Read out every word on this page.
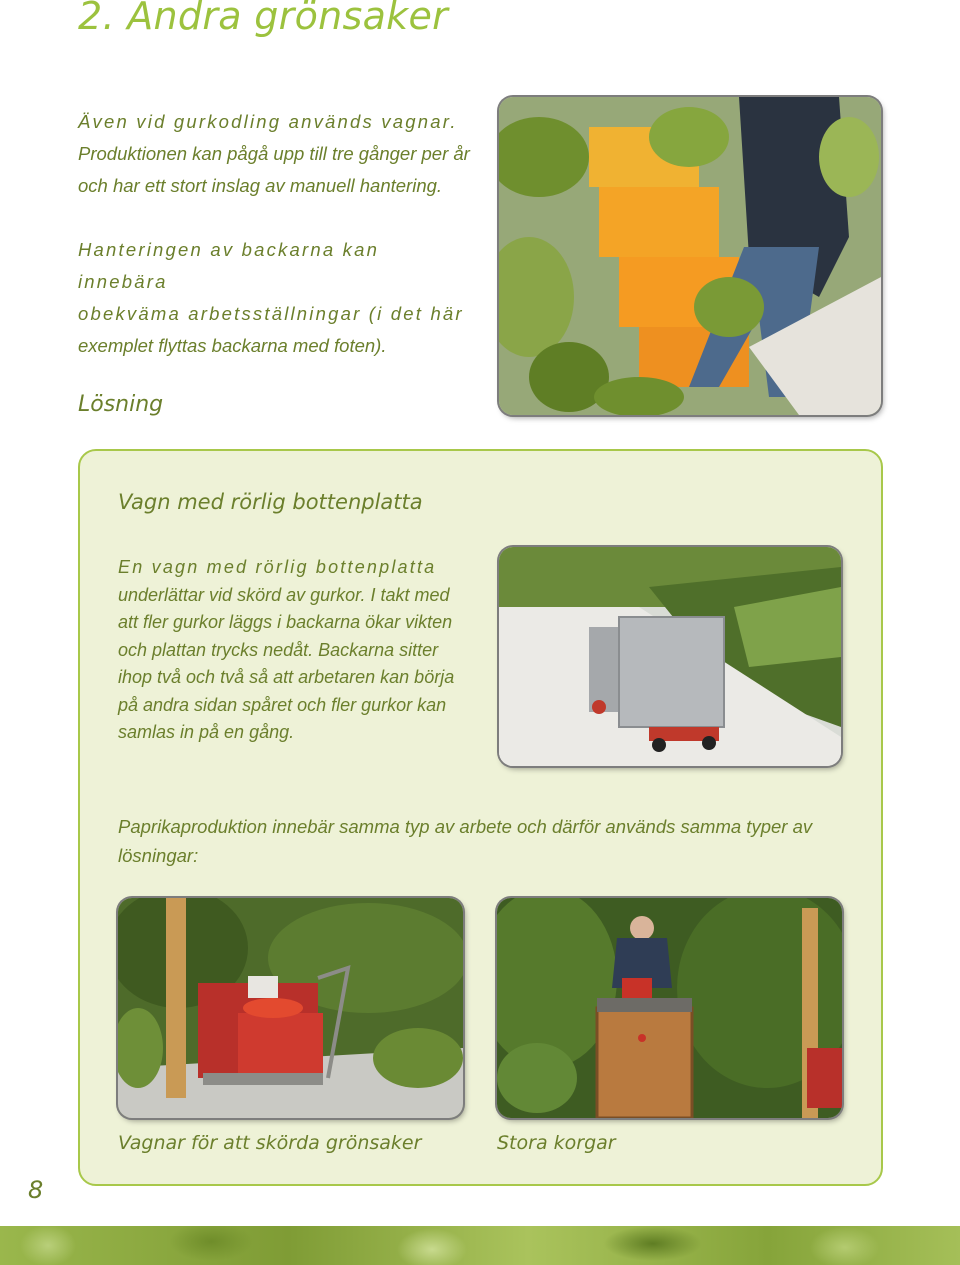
2. Andra grönsaker
Även vid gurkodling används vagnar.
Produktionen kan pågå upp till tre gånger per år och har ett stort inslag av manuell hantering.
Hanteringen av backarna kan innebära
obekväma arbetsställningar (i det här
exemplet flyttas backarna med foten).
Lösning
Vagn med rörlig bottenplatta
En vagn med rörlig bottenplatta
underlättar vid skörd av gurkor. I takt med att fler gurkor läggs i backarna ökar vikten och plattan trycks nedåt. Backarna sitter ihop två och två så att arbetaren kan börja på andra sidan spåret och fler gurkor kan samlas in på en gång.
Paprikaproduktion innebär samma typ av arbete och därför används samma typer av lösningar:
Vagnar för att skörda grönsaker	Stora korgar
8
